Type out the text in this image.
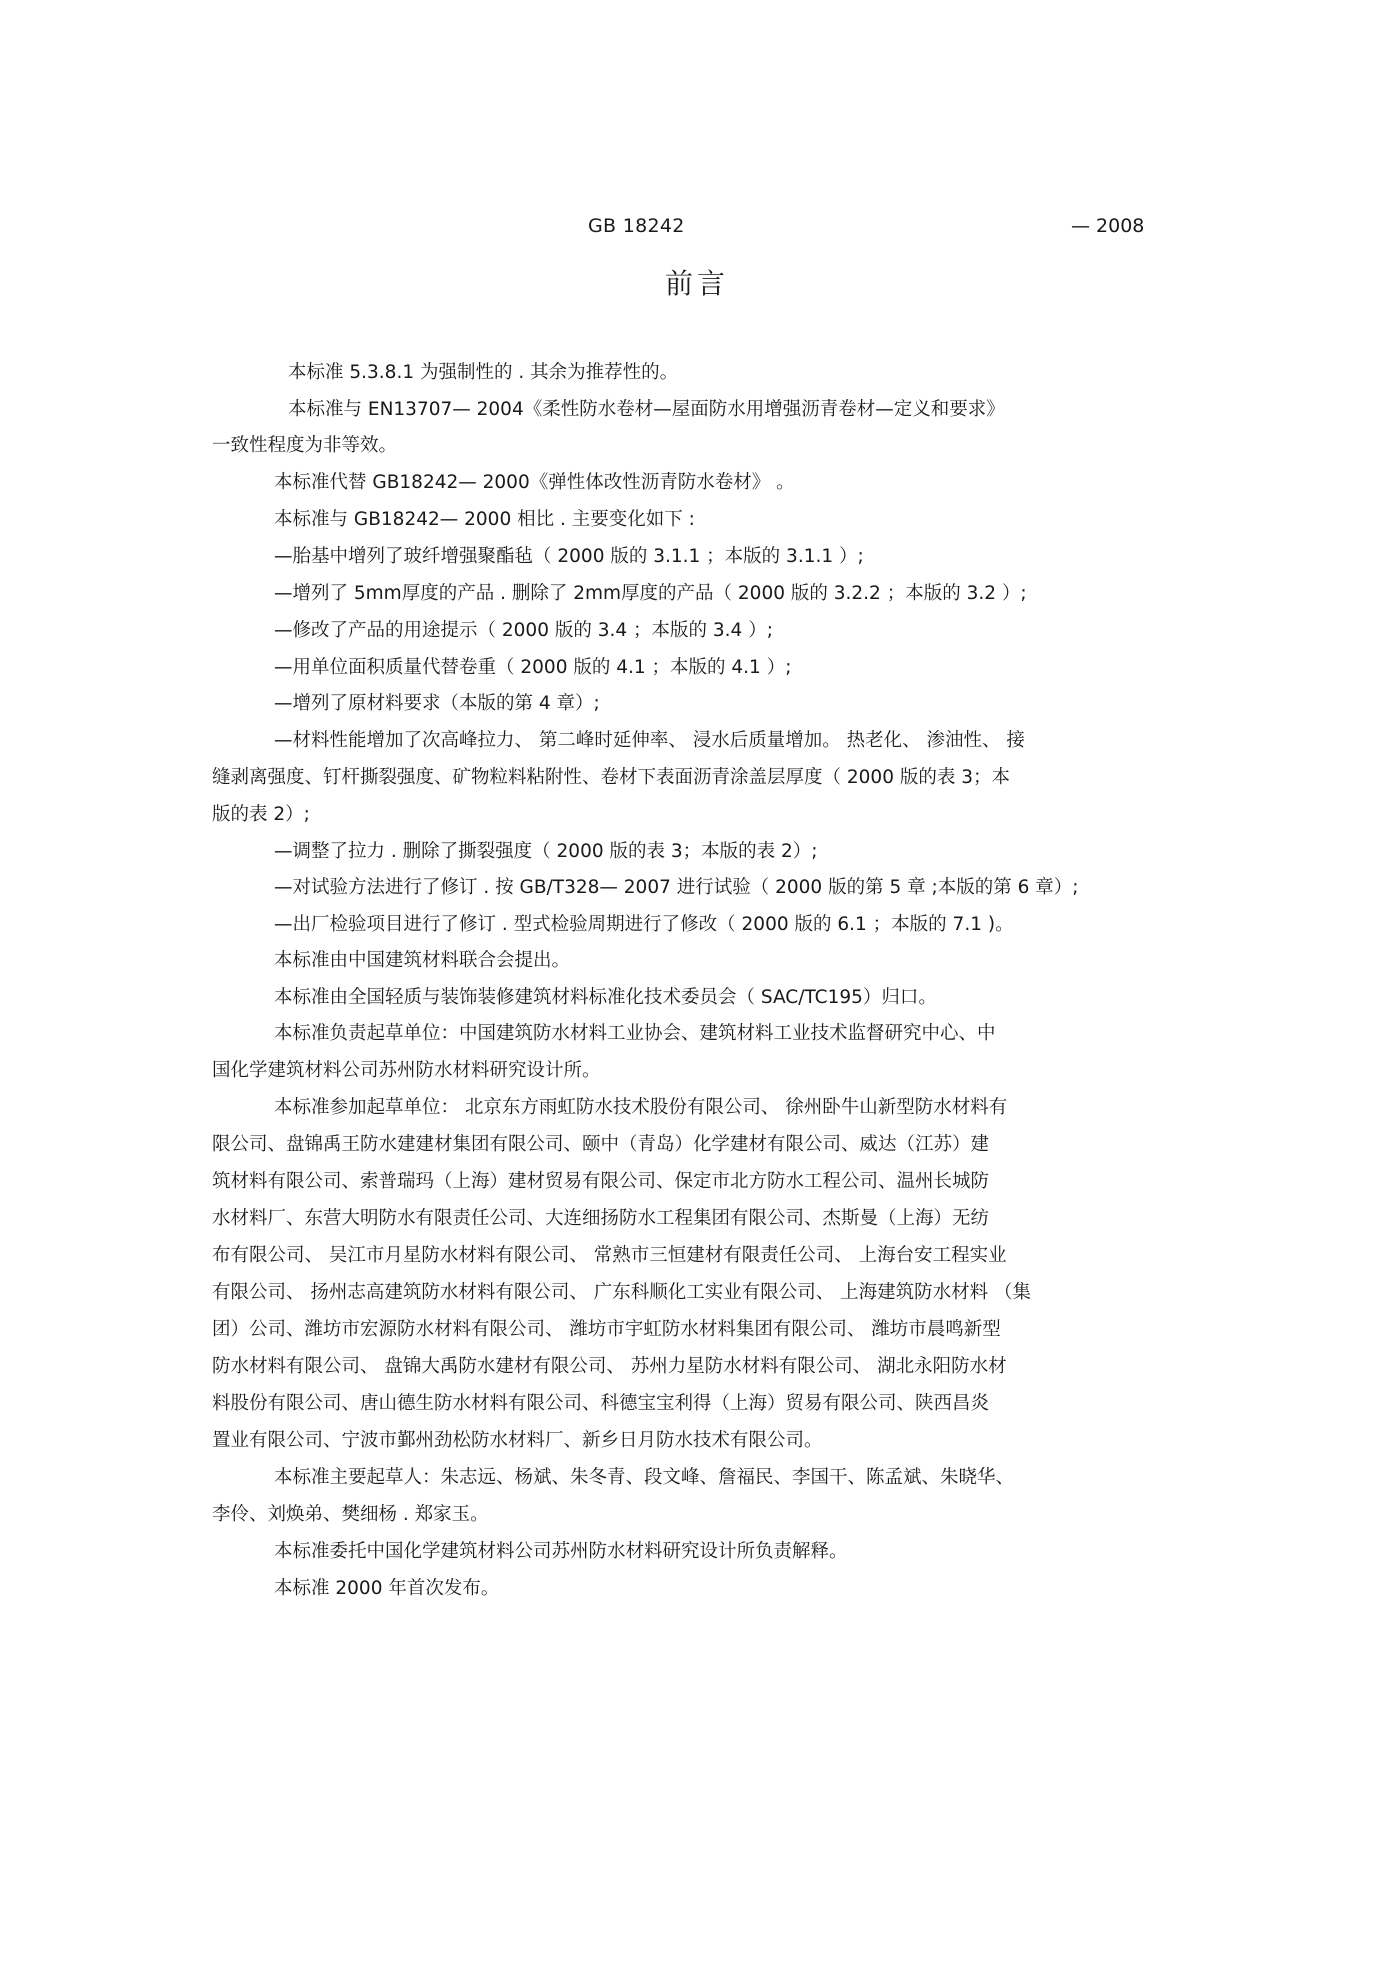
GB 18242	— 2008
前言
本标准 5.3.8.1 为强制性的 . 其余为推荐性的。
本标准与 EN13707— 2004《柔性防水卷材—屋面防水用增强沥青卷材—定义和要求》
一致性程度为非等效。
本标准代替 GB18242— 2000《弹性体改性沥青防水卷材》 。
本标准与 GB18242— 2000 相比 . 主要变化如下 :
—胎基中增列了玻纤增强聚酯毡（ 2000 版的 3.1.1 ；本版的 3.1.1 ）;
—增列了 5mm厚度的产品 . 删除了 2mm厚度的产品（ 2000 版的 3.2.2 ；本版的 3.2 ）;
—修改了产品的用途提示（ 2000 版的 3.4 ；本版的 3.4 ）;
—用单位面积质量代替卷重（ 2000 版的 4.1 ；本版的 4.1 ）;
—增列了原材料要求（本版的第 4 章）;
—材料性能增加了次高峰拉力、 第二峰时延伸率、 浸水后质量增加。 热老化、 渗油性、 接
缝剥离强度、钉杆撕裂强度、矿物粒料粘附性、卷材下表面沥青涂盖层厚度（ 2000 版的表 3；本
版的表 2）;
—调整了拉力 . 删除了撕裂强度（ 2000 版的表 3；本版的表 2）;
—对试验方法进行了修订 . 按 GB/T328— 2007 进行试验（ 2000 版的第 5 章 ;本版的第 6 章）;
—出厂检验项目进行了修订 . 型式检验周期进行了修改（ 2000 版的 6.1 ；本版的 7.1 )。
本标准由中国建筑材料联合会提出。
本标准由全国轻质与装饰装修建筑材料标准化技术委员会（ SAC/TC195）归口。
本标准负责起草单位：中国建筑防水材料工业协会、建筑材料工业技术监督研究中心、中
国化学建筑材料公司苏州防水材料研究设计所。
本标准参加起草单位： 北京东方雨虹防水技术股份有限公司、 徐州卧牛山新型防水材料有
限公司、盘锦禹王防水建建材集团有限公司、颐中（青岛）化学建材有限公司、威达（江苏）建
筑材料有限公司、索普瑞玛（上海）建材贸易有限公司、保定市北方防水工程公司、温州长城防
水材料厂、东营大明防水有限责任公司、大连细扬防水工程集团有限公司、杰斯曼（上海）无纺
布有限公司、 吴江市月星防水材料有限公司、 常熟市三恒建材有限责任公司、 上海台安工程实业
有限公司、 扬州志高建筑防水材料有限公司、 广东科顺化工实业有限公司、 上海建筑防水材料 （集
团）公司、潍坊市宏源防水材料有限公司、 潍坊市宇虹防水材料集团有限公司、 潍坊市晨鸣新型
防水材料有限公司、 盘锦大禹防水建材有限公司、 苏州力星防水材料有限公司、 湖北永阳防水材
料股份有限公司、唐山德生防水材料有限公司、科德宝宝利得（上海）贸易有限公司、陕西昌炎
置业有限公司、宁波市鄞州劲松防水材料厂、新乡日月防水技术有限公司。
本标准主要起草人：朱志远、杨斌、朱冬青、段文峰、詹福民、李国干、陈孟斌、朱晓华、
李伶、刘焕弟、樊细杨 . 郑家玉。
本标准委托中国化学建筑材料公司苏州防水材料研究设计所负责解释。
本标准 2000 年首次发布。
